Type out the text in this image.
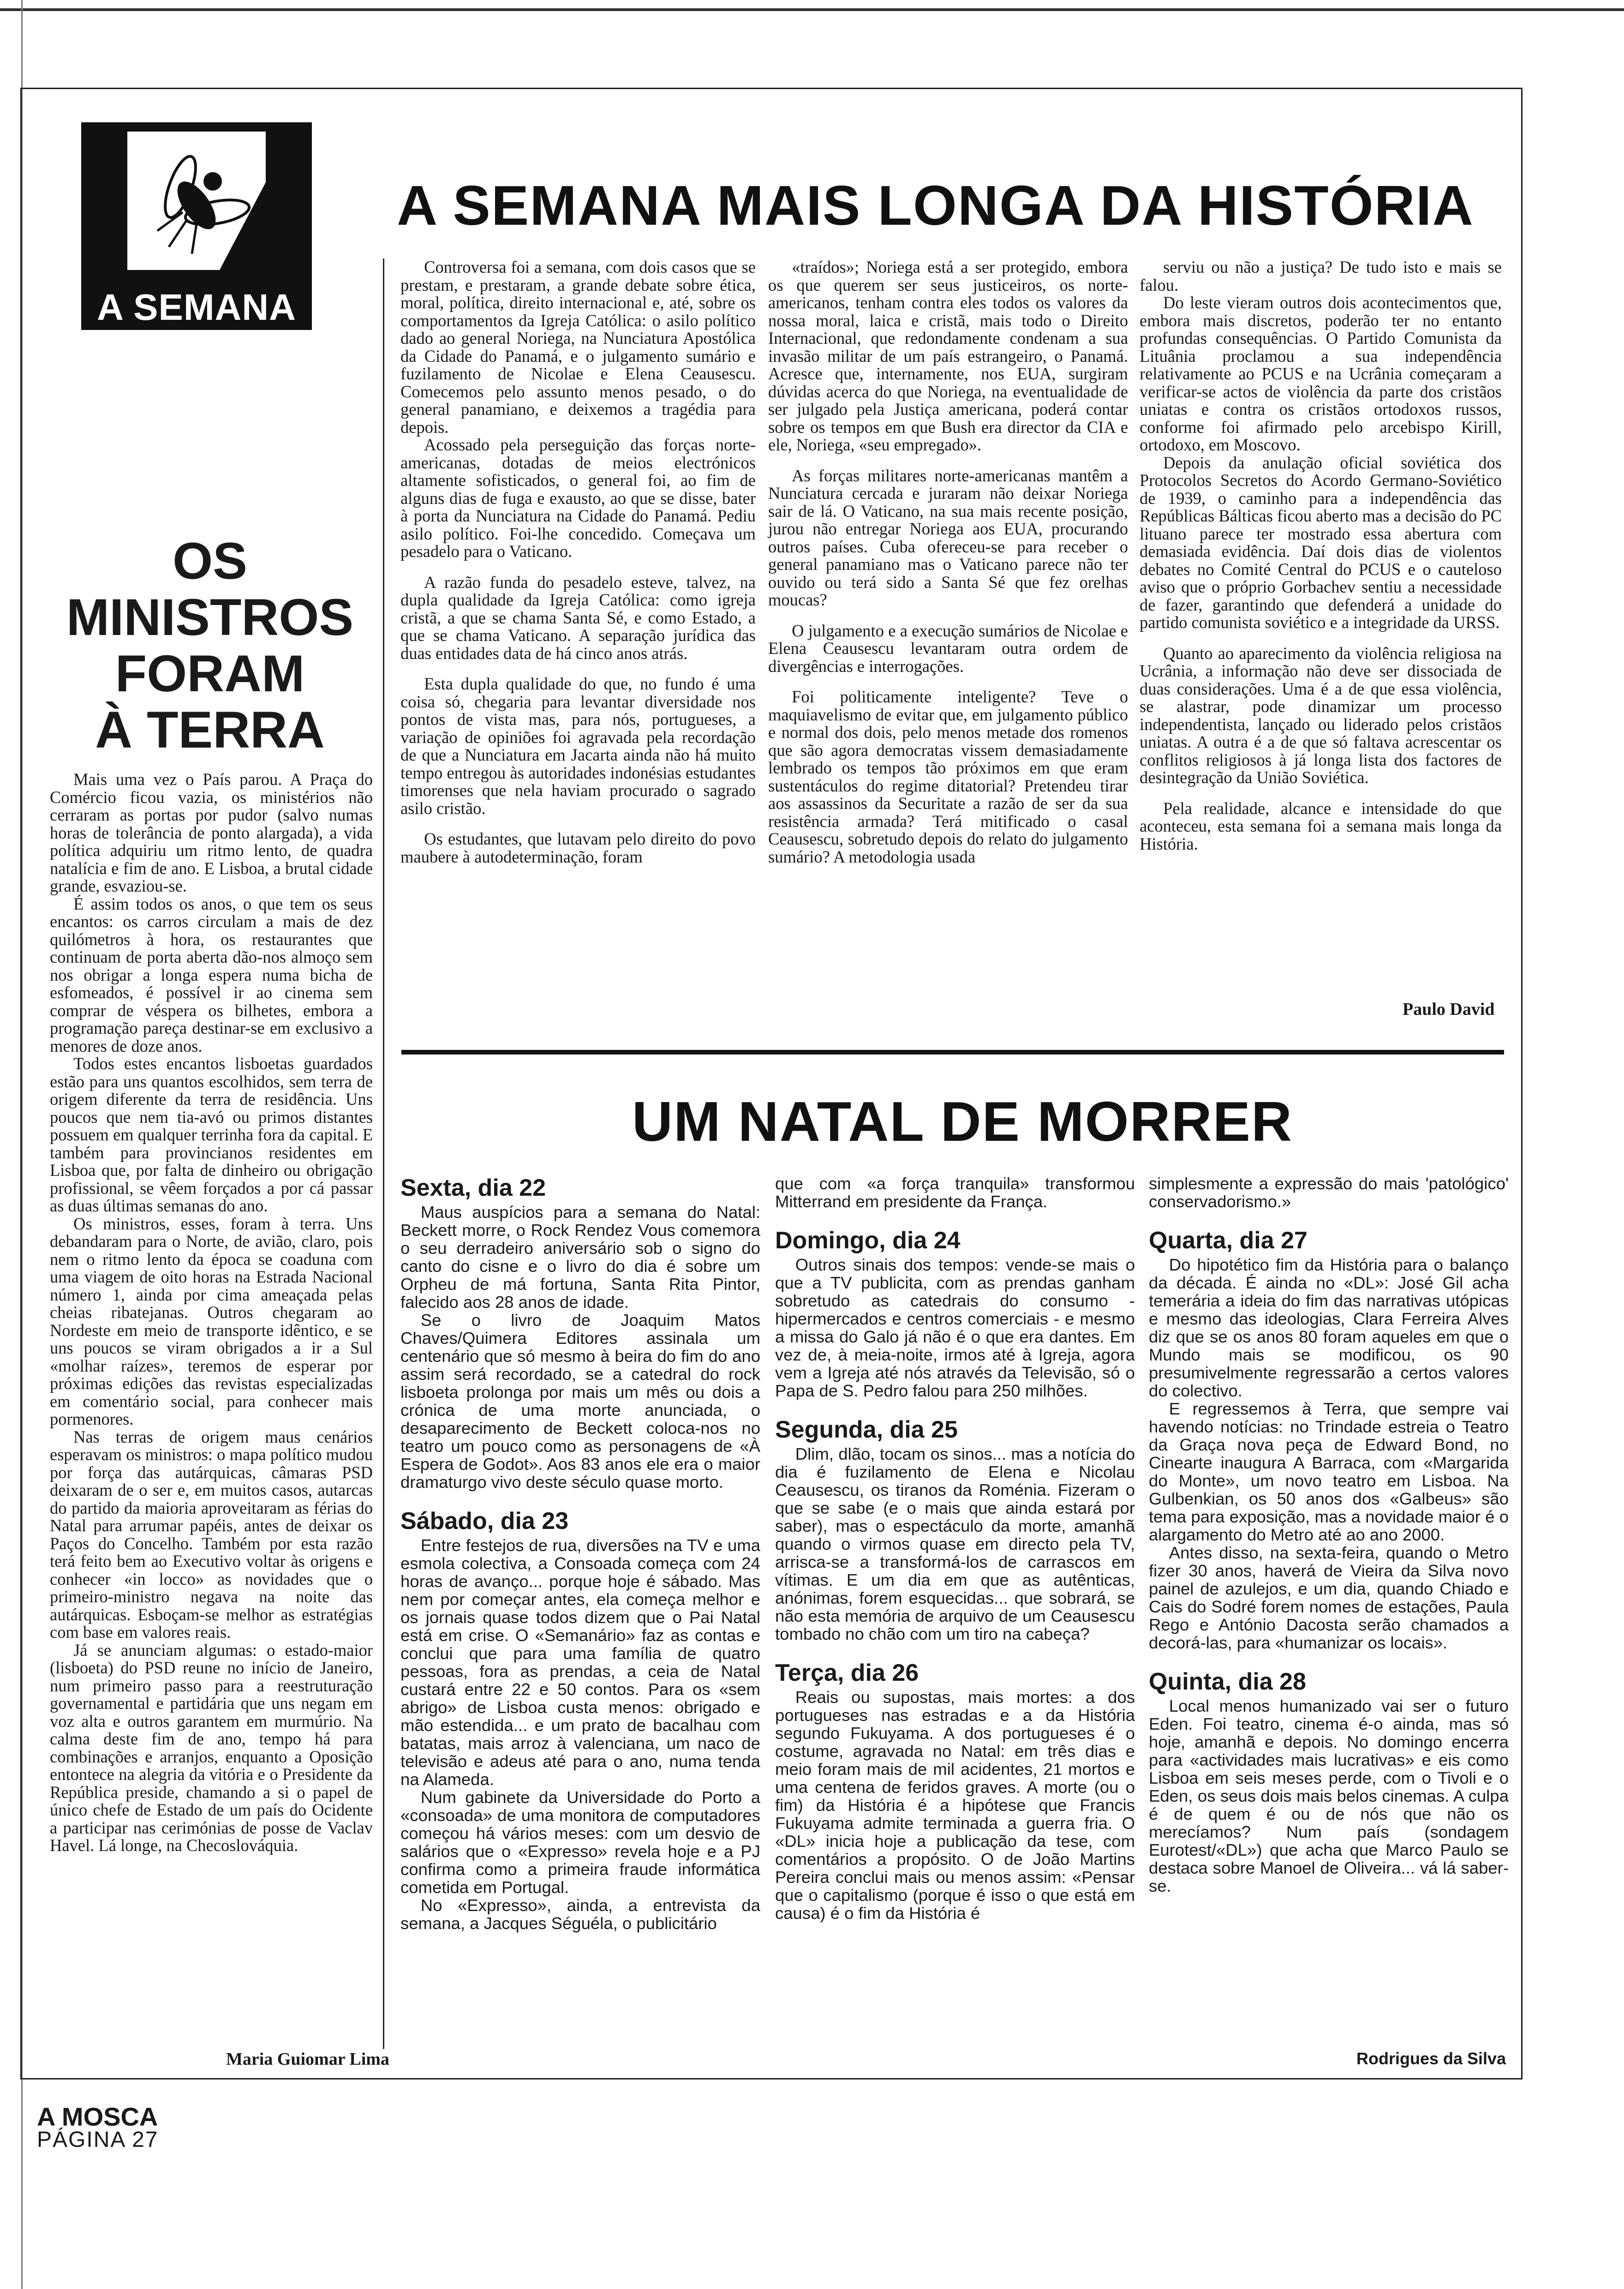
A SEMANA
A SEMANA MAIS LONGA DA HISTÓRIA
UM NATAL DE MORRER
OS
MINISTROS
FORAM
À TERRA

Mais uma vez o País parou. A Praça do Comércio ficou vazia, os ministérios não cerraram as portas por pudor (salvo numas horas de tolerância de ponto alargada), a vida política adquiriu um ritmo lento, de quadra natalícia e fim de ano. E Lisboa, a brutal cidade grande, esvaziou-se.

É assim todos os anos, o que tem os seus encantos: os carros circulam a mais de dez quilómetros à hora, os restaurantes que continuam de porta aberta dão-nos almoço sem nos obrigar a longa espera numa bicha de esfomeados, é possível ir ao cinema sem comprar de véspera os bilhetes, embora a programação pareça destinar-se em exclusivo a menores de doze anos.

Todos estes encantos lisboetas guardados estão para uns quantos escolhidos, sem terra de origem diferente da terra de residência. Uns poucos que nem tia-avó ou primos distantes possuem em qualquer terrinha fora da capital. E também para provincianos residentes em Lisboa que, por falta de dinheiro ou obrigação profissional, se vêem forçados a por cá passar as duas últimas semanas do ano.

Os ministros, esses, foram à terra. Uns debandaram para o Norte, de avião, claro, pois nem o ritmo lento da época se coaduna com uma viagem de oito horas na Estrada Nacional número 1, ainda por cima ameaçada pelas cheias ribatejanas. Outros chegaram ao Nordeste em meio de transporte idêntico, e se uns poucos se viram obrigados a ir a Sul «molhar raízes», teremos de esperar por próximas edições das revistas especializadas em comentário social, para conhecer mais pormenores.

Nas terras de origem maus cenários esperavam os ministros: o mapa político mudou por força das autárquicas, câmaras PSD deixaram de o ser e, em muitos casos, autarcas do partido da maioria aproveitaram as férias do Natal para arrumar papéis, antes de deixar os Paços do Concelho. Também por esta razão terá feito bem ao Executivo voltar às origens e conhecer «in locco» as novidades que o primeiro-ministro negava na noite das autárquicas. Esboçam-se melhor as estratégias com base em valores reais.

Já se anunciam algumas: o estado-maior (lisboeta) do PSD reune no início de Janeiro, num primeiro passo para a reestruturação governamental e partidária que uns negam em voz alta e outros garantem em murmúrio. Na calma deste fim de ano, tempo há para combinações e arranjos, enquanto a Oposição entontece na alegria da vitória e o Presidente da República preside, chamando a si o papel de único chefe de Estado de um país do Ocidente a participar nas cerimónias de posse de Vaclav Havel. Lá longe, na Checoslováquia.

Maria Guiomar Lima

Controversa foi a semana, com dois casos que se prestam, e prestaram, a grande debate sobre ética, moral, política, direito internacional e, até, sobre os comportamentos da Igreja Católica: o asilo político dado ao general Noriega, na Nunciatura Apostólica da Cidade do Panamá, e o julgamento sumário e fuzilamento de Nicolae e Elena Ceausescu. Comecemos pelo assunto menos pesado, o do general panamiano, e deixemos a tragédia para depois.

Acossado pela perseguição das forças norte-americanas, dotadas de meios electrónicos altamente sofisticados, o general foi, ao fim de alguns dias de fuga e exausto, ao que se disse, bater à porta da Nunciatura na Cidade do Panamá. Pediu asilo político. Foi-lhe concedido. Começava um pesadelo para o Vaticano.

A razão funda do pesadelo esteve, talvez, na dupla qualidade da Igreja Católica: como igreja cristã, a que se chama Santa Sé, e como Estado, a que se chama Vaticano. A separação jurídica das duas entidades data de há cinco anos atrás.

Esta dupla qualidade do que, no fundo é uma coisa só, chegaria para levantar diversidade nos pontos de vista mas, para nós, portugueses, a variação de opiniões foi agravada pela recordação de que a Nunciatura em Jacarta ainda não há muito tempo entregou às autoridades indonésias estudantes timorenses que nela haviam procurado o sagrado asilo cristão.

Os estudantes, que lutavam pelo direito do povo maubere à autodeterminação, foram

«traídos»; Noriega está a ser protegido, embora os que querem ser seus justiceiros, os norte-americanos, tenham contra eles todos os valores da nossa moral, laica e cristã, mais todo o Direito Internacional, que redondamente condenam a sua invasão militar de um país estrangeiro, o Panamá. Acresce que, internamente, nos EUA, surgiram dúvidas acerca do que Noriega, na eventualidade de ser julgado pela Justiça americana, poderá contar sobre os tempos em que Bush era director da CIA e ele, Noriega, «seu empregado».

As forças militares norte-americanas mantêm a Nunciatura cercada e juraram não deixar Noriega sair de lá. O Vaticano, na sua mais recente posição, jurou não entregar Noriega aos EUA, procurando outros países. Cuba ofereceu-se para receber o general panamiano mas o Vaticano parece não ter ouvido ou terá sido a Santa Sé que fez orelhas moucas?

O julgamento e a execução sumários de Nicolae e Elena Ceausescu levantaram outra ordem de divergências e interrogações.

Foi politicamente inteligente? Teve o maquiavelismo de evitar que, em julgamento público e normal dos dois, pelo menos metade dos romenos que são agora democratas vissem demasiadamente lembrado os tempos tão próximos em que eram sustentáculos do regime ditatorial? Pretendeu tirar aos assassinos da Securitate a razão de ser da sua resistência armada? Terá mitificado o casal Ceausescu, sobretudo depois do relato do julgamento sumário? A metodologia usada

serviu ou não a justiça? De tudo isto e mais se falou.

Do leste vieram outros dois acontecimentos que, embora mais discretos, poderão ter no entanto profundas consequências. O Partido Comunista da Lituânia proclamou a sua independência relativamente ao PCUS e na Ucrânia começaram a verificar-se actos de violência da parte dos cristãos uniatas e contra os cristãos ortodoxos russos, conforme foi afirmado pelo arcebispo Kirill, ortodoxo, em Moscovo.

Depois da anulação oficial soviética dos Protocolos Secretos do Acordo Germano-Soviético de 1939, o caminho para a independência das Repúblicas Bálticas ficou aberto mas a decisão do PC lituano parece ter mostrado essa abertura com demasiada evidência. Daí dois dias de violentos debates no Comité Central do PCUS e o cauteloso aviso que o próprio Gorbachev sentiu a necessidade de fazer, garantindo que defenderá a unidade do partido comunista soviético e a integridade da URSS.

Quanto ao aparecimento da violência religiosa na Ucrânia, a informação não deve ser dissociada de duas considerações. Uma é a de que essa violência, se alastrar, pode dinamizar um processo independentista, lançado ou liderado pelos cristãos uniatas. A outra é a de que só faltava acrescentar os conflitos religiosos à já longa lista dos factores de desintegração da União Soviética.

Pela realidade, alcance e intensidade do que aconteceu, esta semana foi a semana mais longa da História.

Paulo David
Sexta, dia 22

Maus auspícios para a semana do Natal: Beckett morre, o Rock Rendez Vous comemora o seu derradeiro aniversário sob o signo do canto do cisne e o livro do dia é sobre um Orpheu de má fortuna, Santa Rita Pintor, falecido aos 28 anos de idade.

Se o livro de Joaquim Matos Chaves/Quimera Editores assinala um centenário que só mesmo à beira do fim do ano assim será recordado, se a catedral do rock lisboeta prolonga por mais um mês ou dois a crónica de uma morte anunciada, o desaparecimento de Beckett coloca-nos no teatro um pouco como as personagens de «À Espera de Godot». Aos 83 anos ele era o maior dramaturgo vivo deste século quase morto.

Sábado, dia 23

Entre festejos de rua, diversões na TV e uma esmola colectiva, a Consoada começa com 24 horas de avanço... porque hoje é sábado. Mas nem por começar antes, ela começa melhor e os jornais quase todos dizem que o Pai Natal está em crise. O «Semanário» faz as contas e conclui que para uma família de quatro pessoas, fora as prendas, a ceia de Natal custará entre 22 e 50 contos. Para os «sem abrigo» de Lisboa custa menos: obrigado e mão estendida... e um prato de bacalhau com batatas, mais arroz à valenciana, um naco de televisão e adeus até para o ano, numa tenda na Alameda.

Num gabinete da Universidade do Porto a «consoada» de uma monitora de computadores começou há vários meses: com um desvio de salários que o «Expresso» revela hoje e a PJ confirma como a primeira fraude informática cometida em Portugal.

No «Expresso», ainda, a entrevista da semana, a Jacques Séguéla, o publicitário

que com «a força tranquila» transformou Mitterrand em presidente da França.

Domingo, dia 24

Outros sinais dos tempos: vende-se mais o que a TV publicita, com as prendas ganham sobretudo as catedrais do consumo - hipermercados e centros comerciais - e mesmo a missa do Galo já não é o que era dantes. Em vez de, à meia-noite, irmos até à Igreja, agora vem a Igreja até nós através da Televisão, só o Papa de S. Pedro falou para 250 milhões.

Segunda, dia 25

Dlim, dlão, tocam os sinos... mas a notícia do dia é fuzilamento de Elena e Nicolau Ceausescu, os tiranos da Roménia. Fizeram o que se sabe (e o mais que ainda estará por saber), mas o espectáculo da morte, amanhã quando o virmos quase em directo pela TV, arrisca-se a transformá-los de carrascos em vítimas. E um dia em que as autênticas, anónimas, forem esquecidas... que sobrará, se não esta memória de arquivo de um Ceausescu tombado no chão com um tiro na cabeça?

Terça, dia 26

Reais ou supostas, mais mortes: a dos portugueses nas estradas e a da História segundo Fukuyama. A dos portugueses é o costume, agravada no Natal: em três dias e meio foram mais de mil acidentes, 21 mortos e uma centena de feridos graves. A morte (ou o fim) da História é a hipótese que Francis Fukuyama admite terminada a guerra fria. O «DL» inicia hoje a publicação da tese, com comentários a propósito. O de João Martins Pereira conclui mais ou menos assim: «Pensar que o capitalismo (porque é isso o que está em causa) é o fim da História é

simplesmente a expressão do mais 'patológico' conservadorismo.»

Quarta, dia 27

Do hipotético fim da História para o balanço da década. É ainda no «DL»: José Gil acha temerária a ideia do fim das narrativas utópicas e mesmo das ideologias, Clara Ferreira Alves diz que se os anos 80 foram aqueles em que o Mundo mais se modificou, os 90 presumivelmente regressarão a certos valores do colectivo.

E regressemos à Terra, que sempre vai havendo notícias: no Trindade estreia o Teatro da Graça nova peça de Edward Bond, no Cinearte inaugura A Barraca, com «Margarida do Monte», um novo teatro em Lisboa. Na Gulbenkian, os 50 anos dos «Galbeus» são tema para exposição, mas a novidade maior é o alargamento do Metro até ao ano 2000.

Antes disso, na sexta-feira, quando o Metro fizer 30 anos, haverá de Vieira da Silva novo painel de azulejos, e um dia, quando Chiado e Cais do Sodré forem nomes de estações, Paula Rego e António Dacosta serão chamados a decorá-las, para «humanizar os locais».

Quinta, dia 28

Local menos humanizado vai ser o futuro Eden. Foi teatro, cinema é-o ainda, mas só hoje, amanhã e depois. No domingo encerra para «actividades mais lucrativas» e eis como Lisboa em seis meses perde, com o Tivoli e o Eden, os seus dois mais belos cinemas. A culpa é de quem é ou de nós que não os merecíamos? Num país (sondagem Eurotest/«DL») que acha que Marco Paulo se destaca sobre Manoel de Oliveira... vá lá saber-se.

Rodrigues da Silva
A MOSCA
PÁGINA 27
